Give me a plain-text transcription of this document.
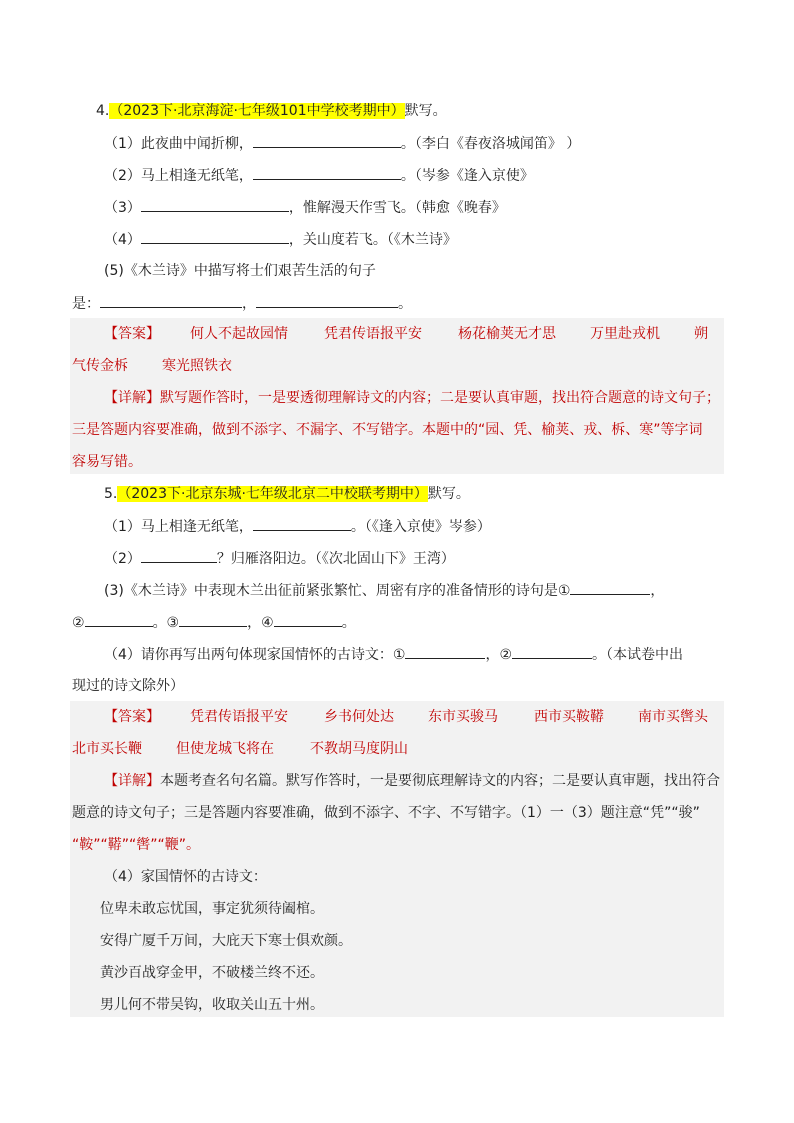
4.（2023下·北京海淀·七年级101中学校考期中）默写。
（1）此夜曲中闻折柳，	。（李白《春夜洛城闻笛》 ）
（2）马上相逢无纸笔，	。（岑参《逢入京使》
（3）	，惟解漫天作雪飞。（韩愈《晚春》
（4）	，关山度若飞。（《木兰诗》
(5)《木兰诗》中描写将士们艰苦生活的句子
是：	，	。
【答案】 何人不起故园情	凭君传语报平安	杨花榆荚无才思 万里赴戎机 朔
气传金柝 寒光照铁衣
【详解】默写题作答时，一是要透彻理解诗文的内容；二是要认真审题，找出符合题意的诗文句子；
三是答题内容要准确，做到不添字、不漏字、不写错字。本题中的“园、凭、榆荚、戎、柝、寒”等字词
容易写错。
5.（2023下·北京东城·七年级北京二中校联考期中）默写。
（1）马上相逢无纸笔，	。（《逢入京使》岑参）
（2）	？归雁洛阳边。（《次北固山下》王湾）
(3)《木兰诗》中表现木兰出征前紧张繁忙、周密有序的准备情形的诗句是①	，
②	。③	，④	。
（4）请你再写出两句体现家国情怀的古诗文：①	，②	。（本试卷中出
现过的诗文除外）
【答案】 凭君传语报平安	乡书何处达 东市买骏马	西市买鞍鞯 南市买辔头
北市买长鞭 但使龙城飞将在	不教胡马度阴山
【详解】本题考查名句名篇。默写作答时，一是要彻底理解诗文的内容；二是要认真审题，找出符合
题意的诗文句子；三是答题内容要准确，做到不添字、不字、不写错字。（1）一（3）题注意“凭”“骏”
“鞍”“鞯”“辔”“鞭”。
（4）家国情怀的古诗文：
位卑未敢忘忧国，事定犹须待阖棺。
安得广厦千万间，大庇天下寒士俱欢颜。
黄沙百战穿金甲，不破楼兰终不还。
男儿何不带吴钩，收取关山五十州。
